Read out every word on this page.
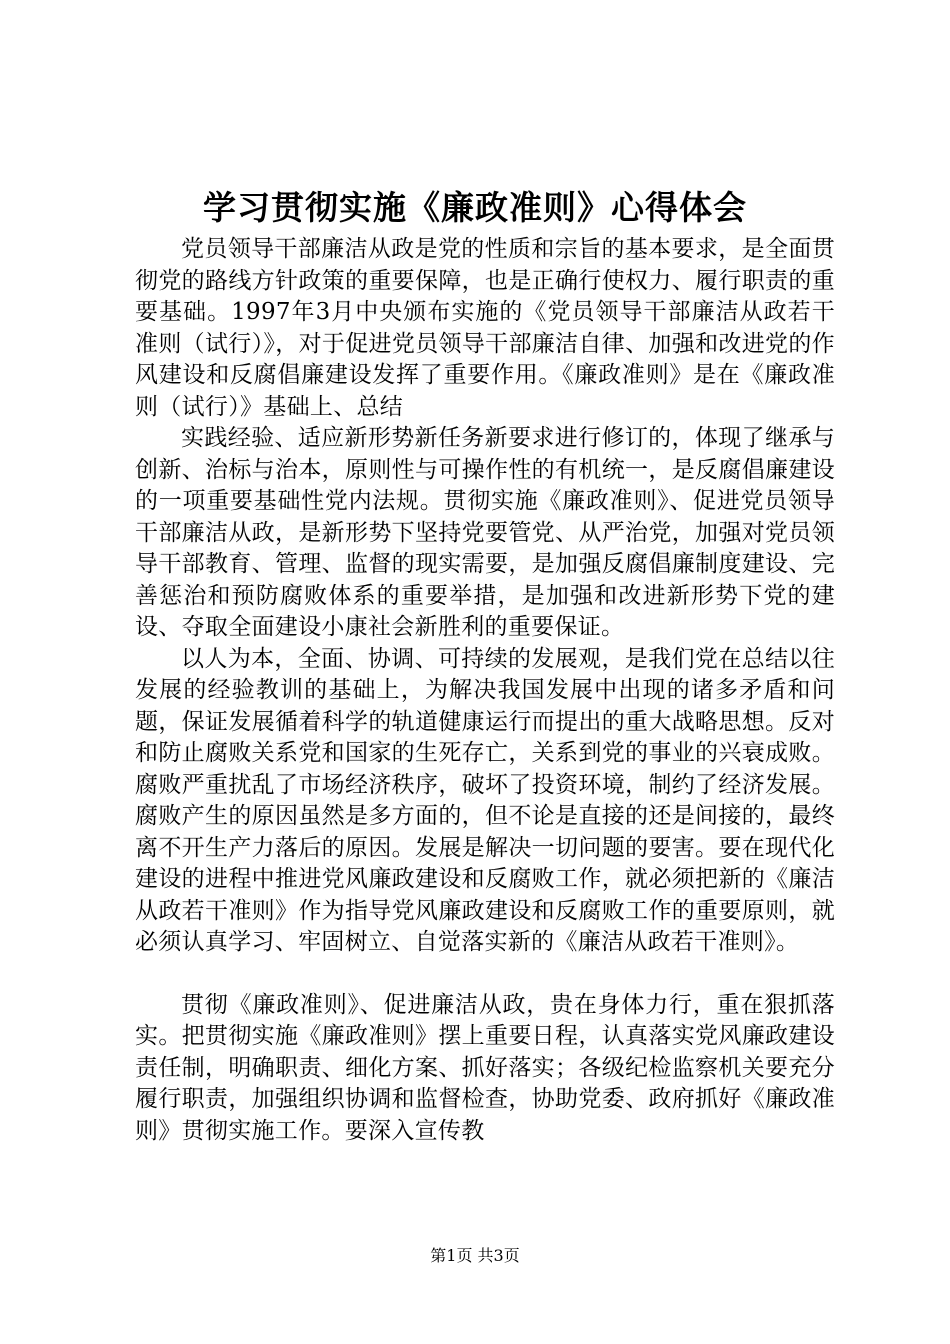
学习贯彻实施《廉政准则》心得体会

党员领导干部廉洁从政是党的性质和宗旨的基本要求，是全面贯彻党的路线方针政策的重要保障，也是正确行使权力、履行职责的重要基础。1997年3月中央颁布实施的《党员领导干部廉洁从政若干准则（试行）》，对于促进党员领导干部廉洁自律、加强和改进党的作风建设和反腐倡廉建设发挥了重要作用。《廉政准则》是在《廉政准则（试行）》基础上、总结

实践经验、适应新形势新任务新要求进行修订的，体现了继承与创新、治标与治本，原则性与可操作性的有机统一，是反腐倡廉建设的一项重要基础性党内法规。贯彻实施《廉政准则》、促进党员领导干部廉洁从政，是新形势下坚持党要管党、从严治党，加强对党员领导干部教育、管理、监督的现实需要，是加强反腐倡廉制度建设、完善惩治和预防腐败体系的重要举措，是加强和改进新形势下党的建设、夺取全面建设小康社会新胜利的重要保证。

以人为本，全面、协调、可持续的发展观，是我们党在总结以往发展的经验教训的基础上，为解决我国发展中出现的诸多矛盾和问题，保证发展循着科学的轨道健康运行而提出的重大战略思想。反对和防止腐败关系党和国家的生死存亡，关系到党的事业的兴衰成败。腐败严重扰乱了市场经济秩序，破坏了投资环境，制约了经济发展。腐败产生的原因虽然是多方面的，但不论是直接的还是间接的，最终离不开生产力落后的原因。发展是解决一切问题的要害。要在现代化建设的进程中推进党风廉政建设和反腐败工作，就必须把新的《廉洁从政若干准则》作为指导党风廉政建设和反腐败工作的重要原则，就必须认真学习、牢固树立、自觉落实新的《廉洁从政若干准则》。

贯彻《廉政准则》、促进廉洁从政，贵在身体力行，重在狠抓落实。把贯彻实施《廉政准则》摆上重要日程，认真落实党风廉政建设责任制，明确职责、细化方案、抓好落实；各级纪检监察机关要充分履行职责，加强组织协调和监督检查，协助党委、政府抓好《廉政准则》贯彻实施工作。要深入宣传教

第1页 共3页
